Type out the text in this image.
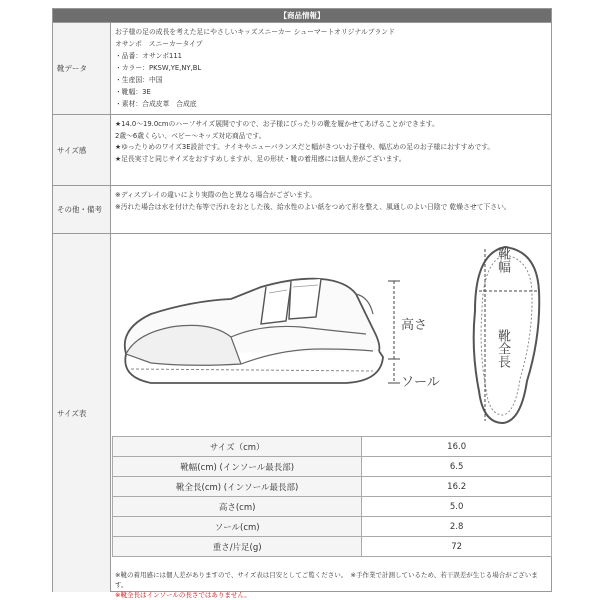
【商品情報】
靴データ
お子様の足の成長を考えた足にやさしいキッズスニーカー シューマートオリジナルブランド
オサンポ　スニーカータイプ
・品番：オサンポ111
・カラー：PKSW,YE,NY,BL
・生産国：中国
・靴幅：3E
・素材：合成皮革　合成底
サイズ感
★14.0～19.0cmのハーフサイズ展開ですので、お子様にぴったりの靴を履かせてあげることができます。
2歳～6歳くらい、ベビー～キッズ対応商品です。
★ゆったりめのワイズ3E設計です。ナイキやニューバランスだと幅がきついお子様や、幅広めの足のお子様におすすめです。
★足長実寸と同じサイズをおすすめしますが、足の形状・靴の着用感には個人差がございます。
その他・備考
※ディスプレイの違いにより実際の色と異なる場合がございます。
※汚れた場合は水を付けた布等で汚れをおとした後、給水性のよい紙をつめて形を整え、風通しのよい日陰で 乾燥させて下さい。
サイズ表
高さ
ソール
靴幅
靴全長
サイズ（cm）	16.0
靴幅(cm) (インソール最長部)	6.5
靴全長(cm) (インソール最長部)	16.2
高さ(cm)	5.0
ソール(cm)	2.8
重さ/片足(g)	72
※靴の着用感には個人差がありますので、サイズ表は目安としてご覧ください。　※手作業で計測しているため、若干誤差が生じる場合がございます。
※靴全長はインソールの長さではありません。
